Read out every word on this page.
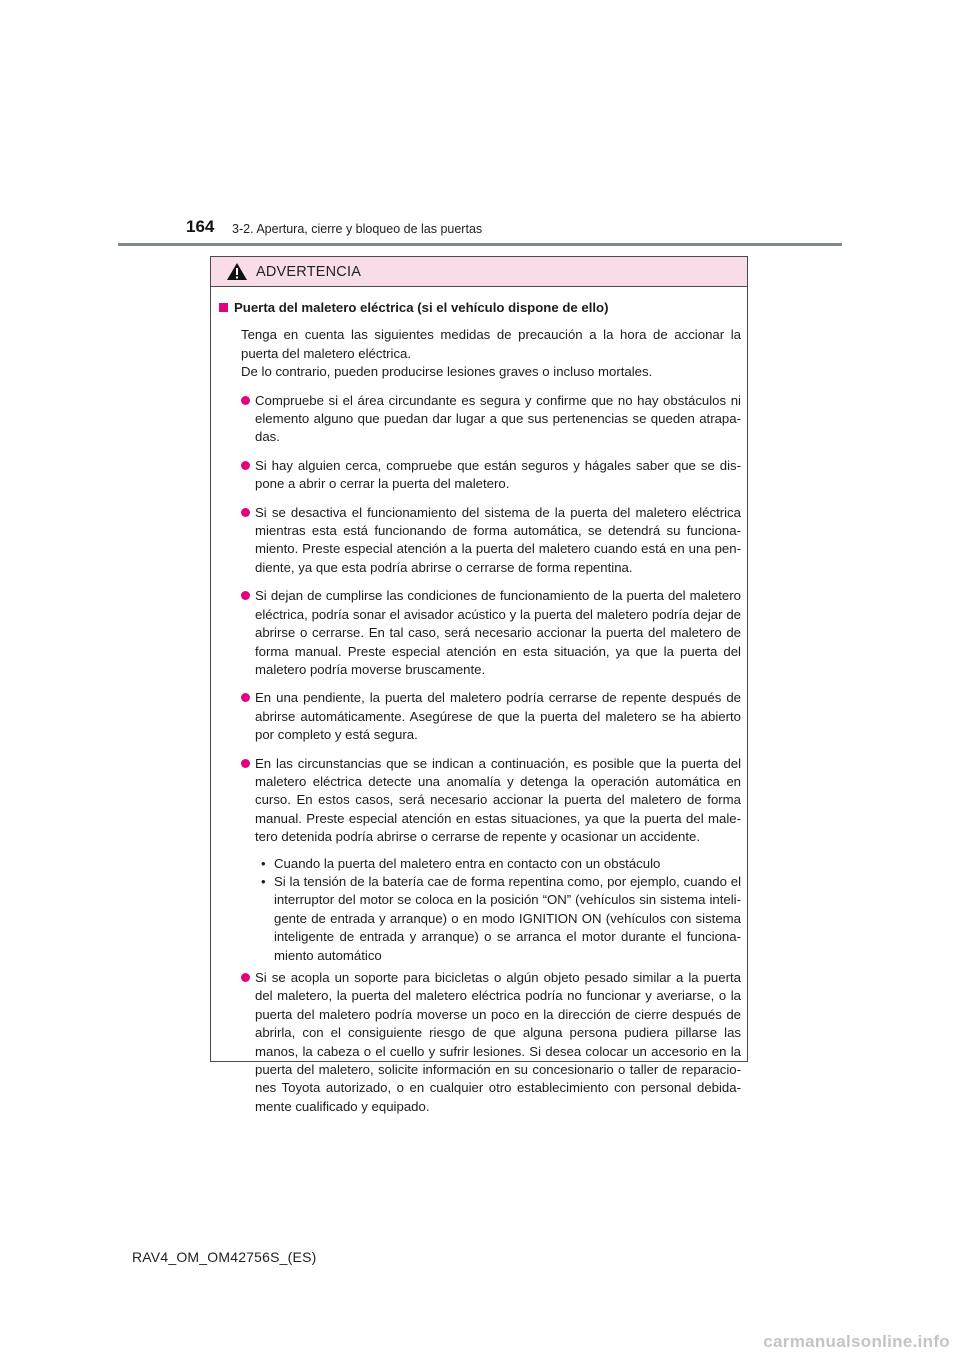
164 3-2. Apertura, cierre y bloqueo de las puertas
ADVERTENCIA
Puerta del maletero eléctrica (si el vehículo dispone de ello)

Tenga en cuenta las siguientes medidas de precaución a la hora de accionar la puerta del maletero eléctrica.

De lo contrario, pueden producirse lesiones graves o incluso mortales.

Compruebe si el área circundante es segura y confirme que no hay obstáculos ni elemento alguno que puedan dar lugar a que sus pertenencias se queden atrapa-das.
Si hay alguien cerca, compruebe que están seguros y hágales saber que se dis-pone a abrir o cerrar la puerta del maletero.
Si se desactiva el funcionamiento del sistema de la puerta del maletero eléctrica mientras esta está funcionando de forma automática, se detendrá su funciona-miento. Preste especial atención a la puerta del maletero cuando está en una pen-diente, ya que esta podría abrirse o cerrarse de forma repentina.
Si dejan de cumplirse las condiciones de funcionamiento de la puerta del maletero eléctrica, podría sonar el avisador acústico y la puerta del maletero podría dejar de abrirse o cerrarse. En tal caso, será necesario accionar la puerta del maletero de forma manual. Preste especial atención en esta situación, ya que la puerta del maletero podría moverse bruscamente.
En una pendiente, la puerta del maletero podría cerrarse de repente después de abrirse automáticamente. Asegúrese de que la puerta del maletero se ha abierto por completo y está segura.
En las circunstancias que se indican a continuación, es posible que la puerta del maletero eléctrica detecte una anomalía y detenga la operación automática en curso. En estos casos, será necesario accionar la puerta del maletero de forma manual. Preste especial atención en estas situaciones, ya que la puerta del male-tero detenida podría abrirse o cerrarse de repente y ocasionar un accidente.
• Cuando la puerta del maletero entra en contacto con un obstáculo
• Si la tensión de la batería cae de forma repentina como, por ejemplo, cuando el interruptor del motor se coloca en la posición “ON” (vehículos sin sistema inteli-gente de entrada y arranque) o en modo IGNITION ON (vehículos con sistema inteligente de entrada y arranque) o se arranca el motor durante el funciona-miento automático
Si se acopla un soporte para bicicletas o algún objeto pesado similar a la puerta del maletero, la puerta del maletero eléctrica podría no funcionar y averiarse, o la puerta del maletero podría moverse un poco en la dirección de cierre después de abrirla, con el consiguiente riesgo de que alguna persona pudiera pillarse las manos, la cabeza o el cuello y sufrir lesiones. Si desea colocar un accesorio en la puerta del maletero, solicite información en su concesionario o taller de reparacio-nes Toyota autorizado, o en cualquier otro establecimiento con personal debida-mente cualificado y equipado.
RAV4_OM_OM42756S_(ES)
carmanualsonline.info
